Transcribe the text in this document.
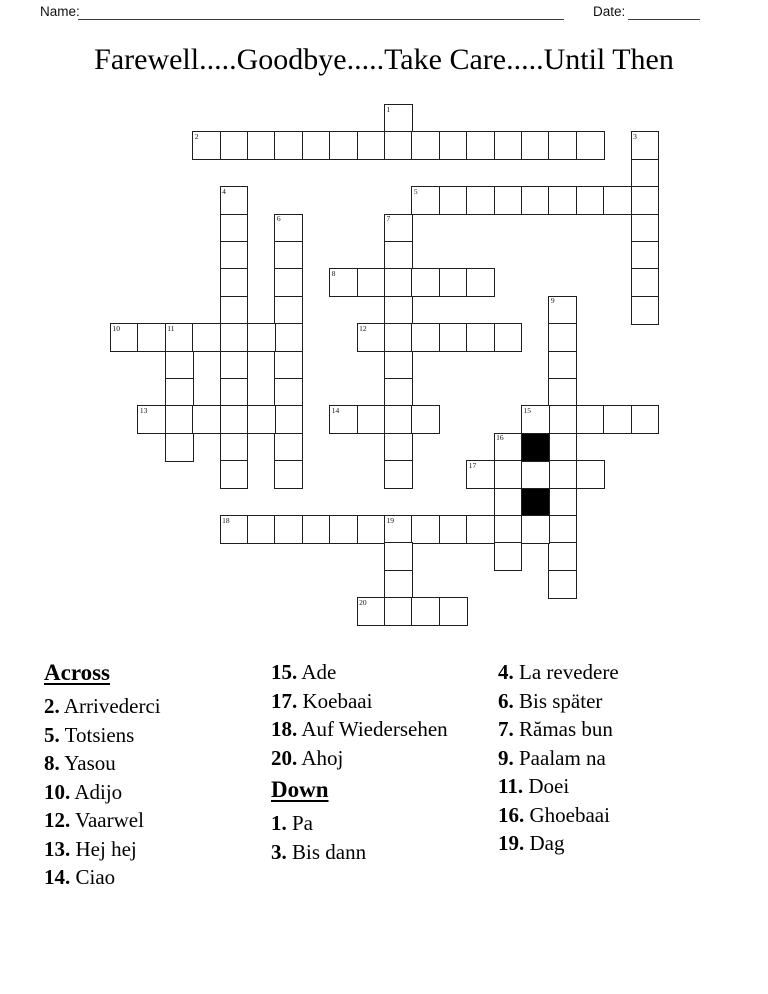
Name:	Date:
Farewell.....Goodbye.....Take Care.....Until Then
1
2	3
4	5
6	7
8
9
10	11	12
13	14	15
16
17
18	19
20
Across
2. Arrivederci
5. Totsiens
8. Yasou
10. Adijo
12. Vaarwel
13. Hej hej
14. Ciao
15. Ade
17. Koebaai
18. Auf Wiedersehen
20. Ahoj
Down
1. Pa
3. Bis dann
4. La revedere
6. Bis später
7. Rămas bun
9. Paalam na
11. Doei
16. Ghoebaai
19. Dag
